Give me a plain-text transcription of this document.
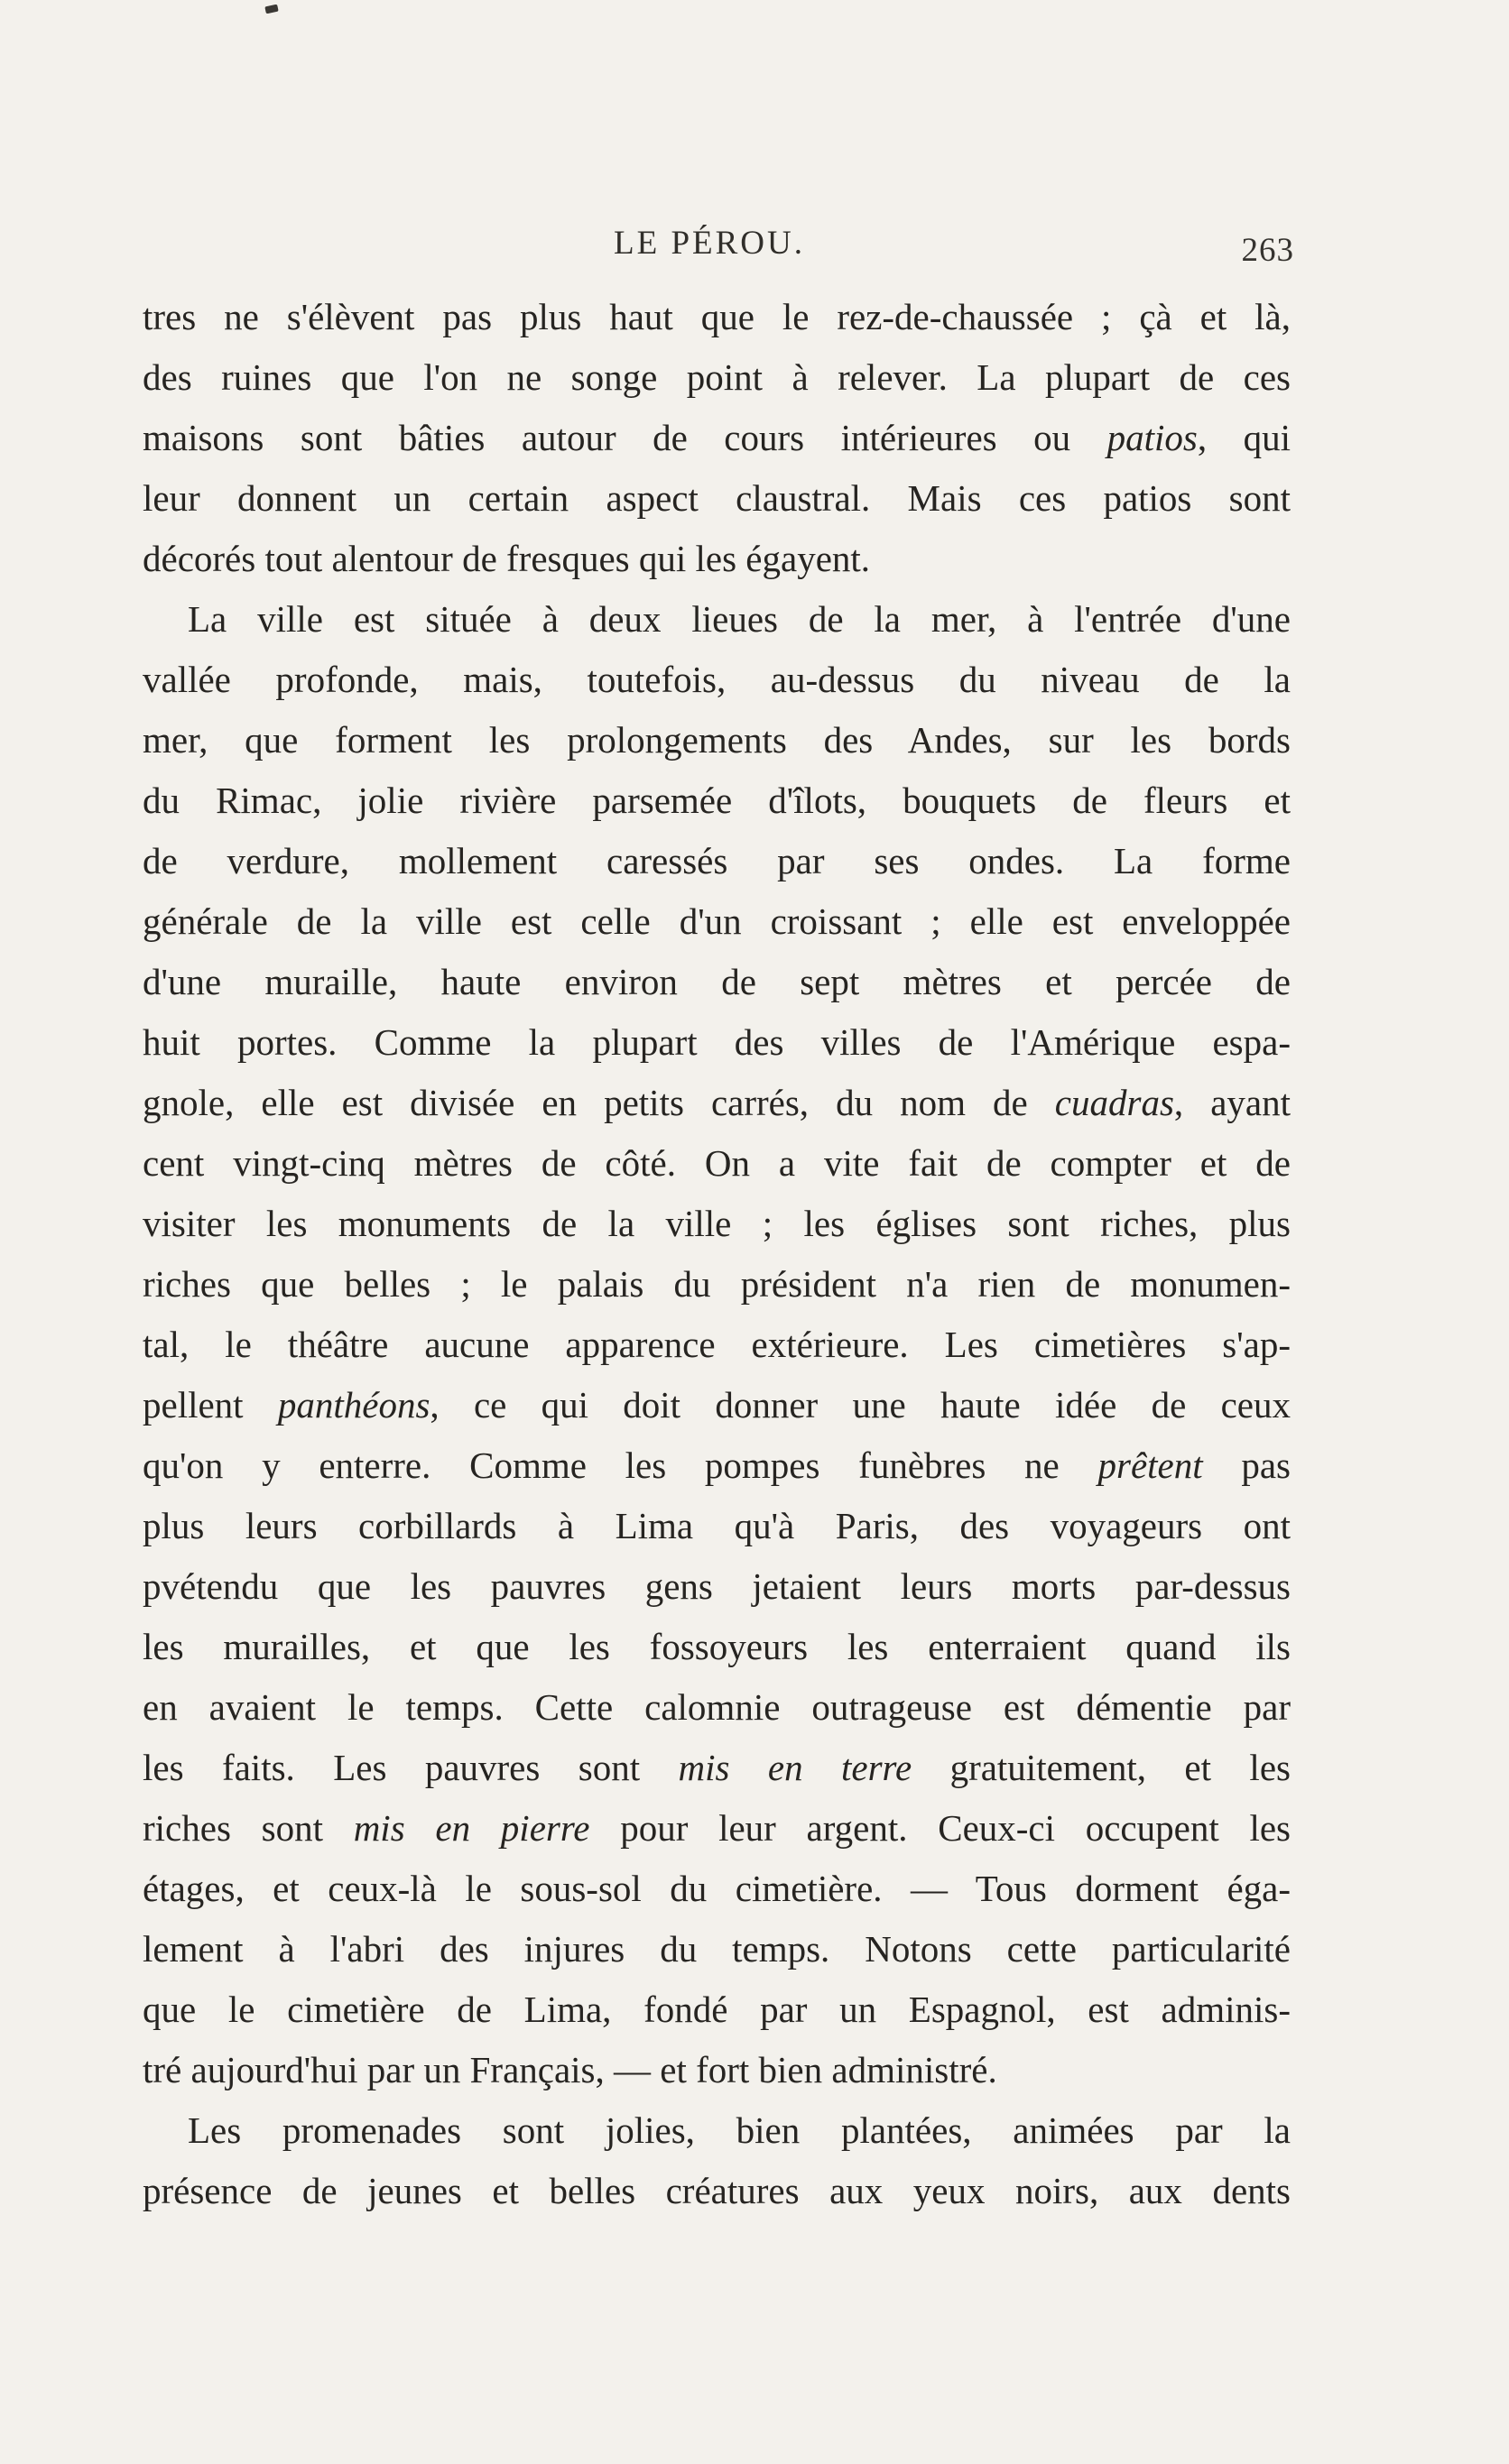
LE PÉROU.	263
tres ne s'élèvent pas plus haut que le rez-de-chaussée ; çà et là,
des ruines que l'on ne songe point à relever. La plupart de ces
maisons sont bâties autour de cours intérieures ou patios, qui
leur donnent un certain aspect claustral. Mais ces patios sont
décorés tout alentour de fresques qui les égayent.
La ville est située à deux lieues de la mer, à l'entrée d'une
vallée profonde, mais, toutefois, au-dessus du niveau de la
mer, que forment les prolongements des Andes, sur les bords
du Rimac, jolie rivière parsemée d'îlots, bouquets de fleurs et
de verdure, mollement caressés par ses ondes. La forme
générale de la ville est celle d'un croissant ; elle est enveloppée
d'une muraille, haute environ de sept mètres et percée de
huit portes. Comme la plupart des villes de l'Amérique espa-
gnole, elle est divisée en petits carrés, du nom de cuadras, ayant
cent vingt-cinq mètres de côté. On a vite fait de compter et de
visiter les monuments de la ville ; les églises sont riches, plus
riches que belles ; le palais du président n'a rien de monumen-
tal, le théâtre aucune apparence extérieure. Les cimetières s'ap-
pellent panthéons, ce qui doit donner une haute idée de ceux
qu'on y enterre. Comme les pompes funèbres ne prêtent pas
plus leurs corbillards à Lima qu'à Paris, des voyageurs ont
pvétendu que les pauvres gens jetaient leurs morts par-dessus
les murailles, et que les fossoyeurs les enterraient quand ils
en avaient le temps. Cette calomnie outrageuse est démentie par
les faits. Les pauvres sont mis en terre gratuitement, et les
riches sont mis en pierre pour leur argent. Ceux-ci occupent les
étages, et ceux-là le sous-sol du cimetière. — Tous dorment éga-
lement à l'abri des injures du temps. Notons cette particularité
que le cimetière de Lima, fondé par un Espagnol, est adminis-
tré aujourd'hui par un Français, — et fort bien administré.
Les promenades sont jolies, bien plantées, animées par la
présence de jeunes et belles créatures aux yeux noirs, aux dents
